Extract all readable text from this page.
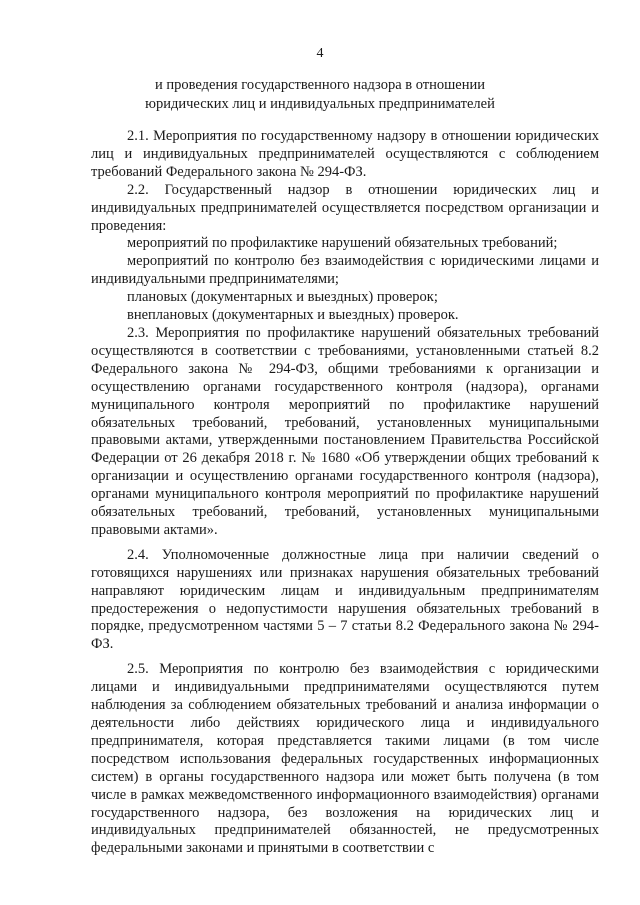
4
и проведения государственного надзора в отношении
юридических лиц и индивидуальных предпринимателей

2.1. Мероприятия по государственному надзору в отношении юридических лиц и индивидуальных предпринимателей осуществляются с соблюдением требований Федерального закона № 294-ФЗ.

2.2. Государственный надзор в отношении юридических лиц и индивидуальных предпринимателей осуществляется посредством организации и проведения:

мероприятий по профилактике нарушений обязательных требований;

мероприятий по контролю без взаимодействия с юридическими лицами и индивидуальными предпринимателями;

плановых (документарных и выездных) проверок;

внеплановых (документарных и выездных) проверок.

2.3. Мероприятия по профилактике нарушений обязательных требований осуществляются в соответствии с требованиями, установленными статьей 8.2 Федерального закона № 294-ФЗ, общими требованиями к организации и осуществлению органами государственного контроля (надзора), органами муниципального контроля мероприятий по профилактике нарушений обязательных требований, требований, установленных муниципальными правовыми актами, утвержденными постановлением Правительства Российской Федерации от 26 декабря 2018 г. № 1680 «Об утверждении общих требований к организации и осуществлению органами государственного контроля (надзора), органами муниципального контроля мероприятий по профилактике нарушений обязательных требований, требований, установленных муниципальными правовыми актами».

2.4. Уполномоченные должностные лица при наличии сведений о готовящихся нарушениях или признаках нарушения обязательных требований направляют юридическим лицам и индивидуальным предпринимателям предостережения о недопустимости нарушения обязательных требований в порядке, предусмотренном частями 5 – 7 статьи 8.2 Федерального закона № 294-ФЗ.

2.5. Мероприятия по контролю без взаимодействия с юридическими лицами и индивидуальными предпринимателями осуществляются путем наблюдения за соблюдением обязательных требований и анализа информации о деятельности либо действиях юридического лица и индивидуального предпринимателя, которая представляется такими лицами (в том числе посредством использования федеральных государственных информационных систем) в органы государственного надзора или может быть получена (в том числе в рамках межведомственного информационного взаимодействия) органами государственного надзора, без возложения на юридических лиц и индивидуальных предпринимателей обязанностей, не предусмотренных федеральными законами и принятыми в соответствии с
